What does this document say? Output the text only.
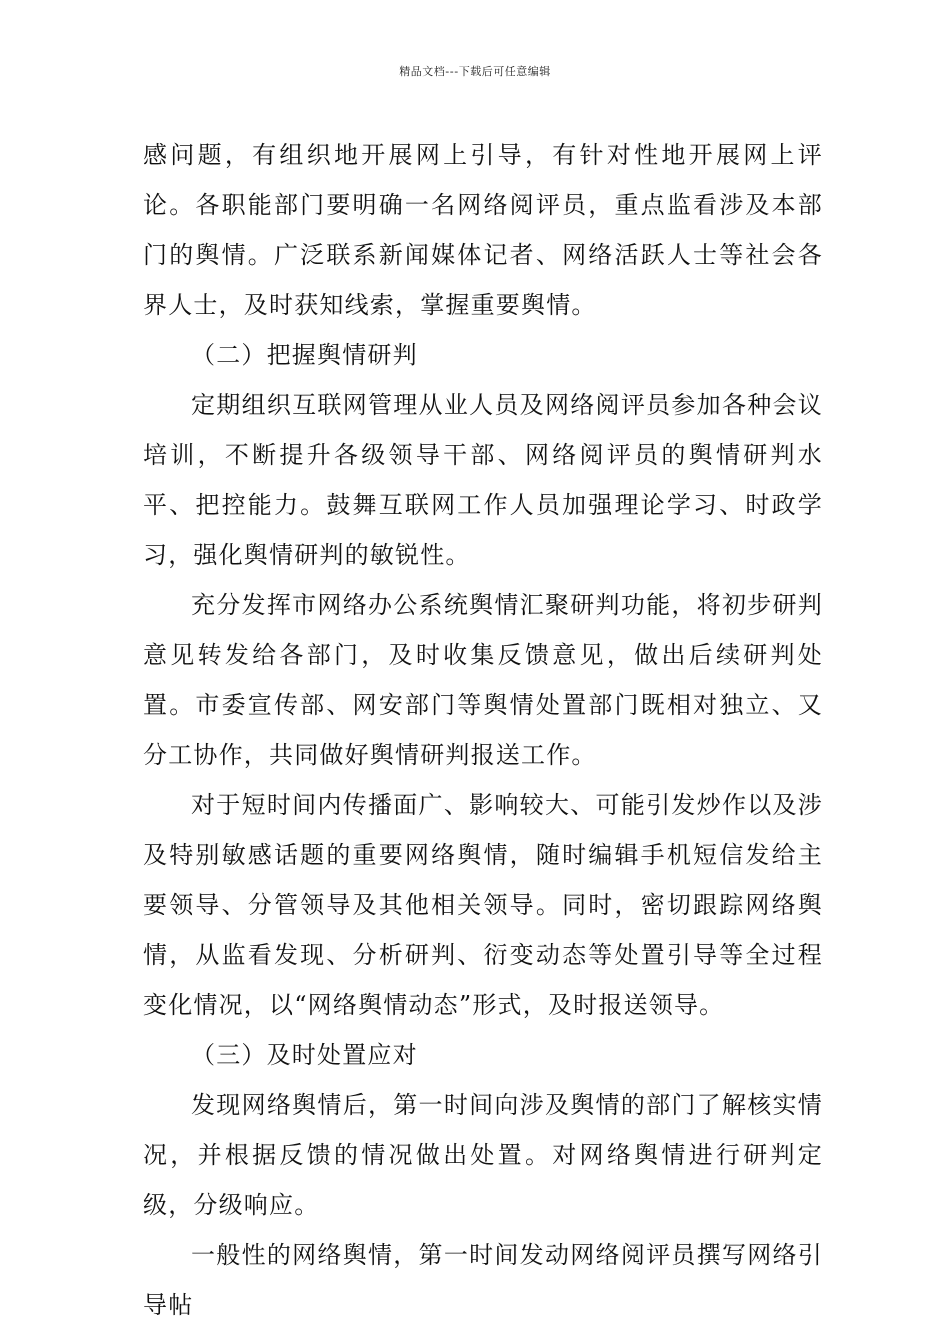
精品文档---下载后可任意编辑

感问题，有组织地开展网上引导，有针对性地开展网上评论。各职能部门要明确一名网络阅评员，重点监看涉及本部门的舆情。广泛联系新闻媒体记者、网络活跃人士等社会各界人士，及时获知线索，掌握重要舆情。

（二）把握舆情研判

定期组织互联网管理从业人员及网络阅评员参加各种会议培训，不断提升各级领导干部、网络阅评员的舆情研判水平、把控能力。鼓舞互联网工作人员加强理论学习、时政学习，强化舆情研判的敏锐性。

充分发挥市网络办公系统舆情汇聚研判功能，将初步研判意见转发给各部门，及时收集反馈意见，做出后续研判处置。市委宣传部、网安部门等舆情处置部门既相对独立、又分工协作，共同做好舆情研判报送工作。

对于短时间内传播面广、影响较大、可能引发炒作以及涉及特别敏感话题的重要网络舆情，随时编辑手机短信发给主要领导、分管领导及其他相关领导。同时，密切跟踪网络舆情，从监看发现、分析研判、衍变动态等处置引导等全过程变化情况，以“网络舆情动态”形式，及时报送领导。

（三）及时处置应对

发现网络舆情后，第一时间向涉及舆情的部门了解核实情况，并根据反馈的情况做出处置。对网络舆情进行研判定级，分级响应。

一般性的网络舆情，第一时间发动网络阅评员撰写网络引导帖
